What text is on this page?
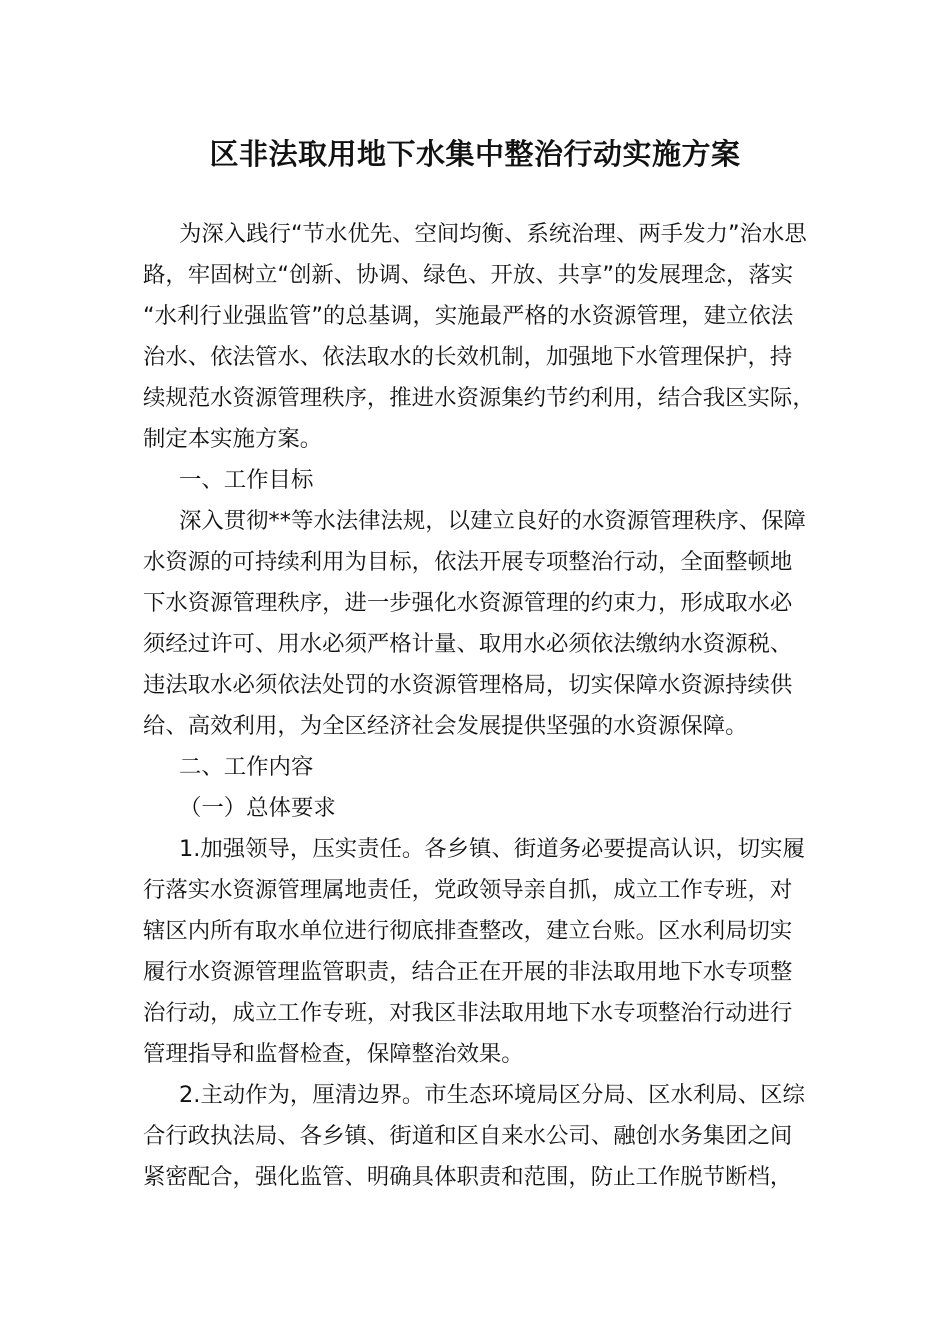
区非法取用地下水集中整治行动实施方案
为深入践行“节水优先、空间均衡、系统治理、两手发力”治水思
路，牢固树立“创新、协调、绿色、开放、共享”的发展理念，落实
“水利行业强监管”的总基调，实施最严格的水资源管理，建立依法
治水、依法管水、依法取水的长效机制，加强地下水管理保护，持
续规范水资源管理秩序，推进水资源集约节约利用，结合我区实际，
制定本实施方案。
一、工作目标
深入贯彻**等水法律法规，以建立良好的水资源管理秩序、保障
水资源的可持续利用为目标，依法开展专项整治行动，全面整顿地
下水资源管理秩序，进一步强化水资源管理的约束力，形成取水必
须经过许可、用水必须严格计量、取用水必须依法缴纳水资源税、
违法取水必须依法处罚的水资源管理格局，切实保障水资源持续供
给、高效利用，为全区经济社会发展提供坚强的水资源保障。
二、工作内容
（一）总体要求
1.加强领导，压实责任。各乡镇、街道务必要提高认识，切实履
行落实水资源管理属地责任，党政领导亲自抓，成立工作专班，对
辖区内所有取水单位进行彻底排查整改，建立台账。区水利局切实
履行水资源管理监管职责，结合正在开展的非法取用地下水专项整
治行动，成立工作专班，对我区非法取用地下水专项整治行动进行
管理指导和监督检查，保障整治效果。
2.主动作为，厘清边界。市生态环境局区分局、区水利局、区综
合行政执法局、各乡镇、街道和区自来水公司、融创水务集团之间
紧密配合，强化监管、明确具体职责和范围，防止工作脱节断档，
